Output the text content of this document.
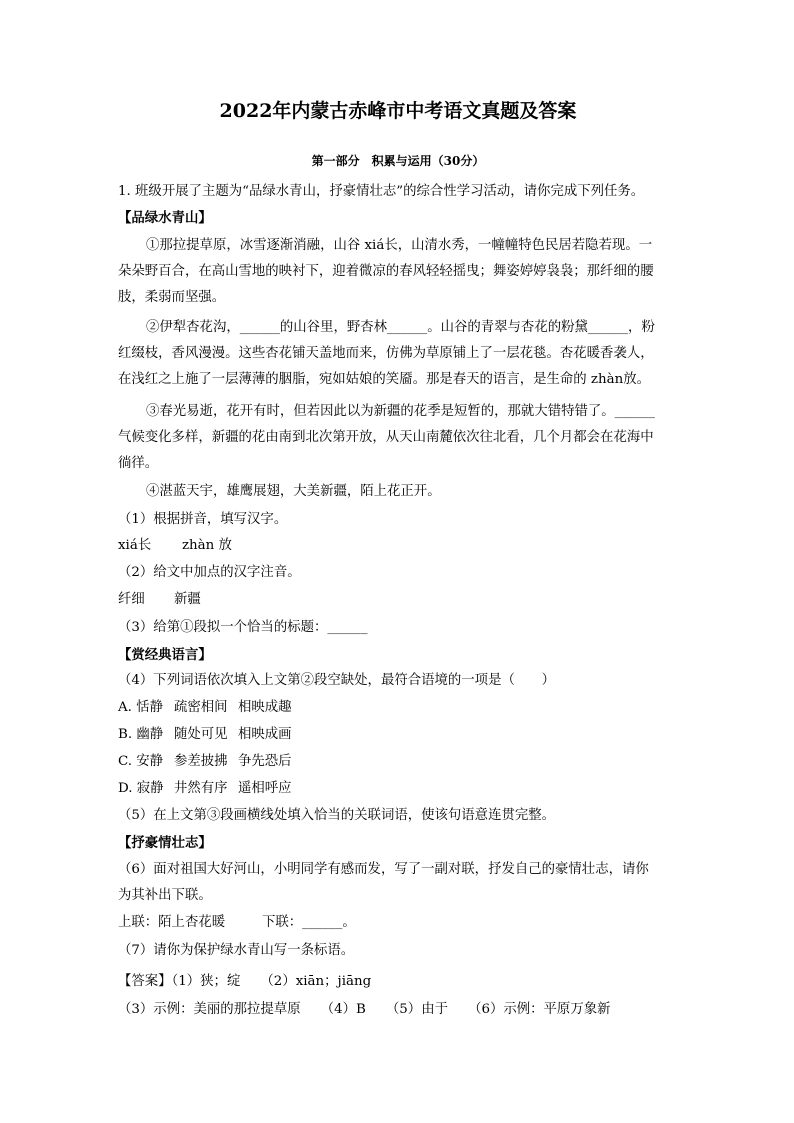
2022年内蒙古赤峰市中考语文真题及答案
第一部分　积累与运用（30分）
1. 班级开展了主题为“品绿水青山，抒豪情壮志”的综合性学习活动，请你完成下列任务。
【品绿水青山】
①那拉提草原，冰雪逐渐消融，山谷 xiá长，山清水秀，一幢幢特色民居若隐若现。一
朵朵野百合，在高山雪地的映衬下，迎着微凉的春风轻轻摇曳；舞姿婷婷袅袅；那纤细的腰
肢，柔弱而坚强。
②伊犁杏花沟，______的山谷里，野杏林______。山谷的青翠与杏花的粉黛______，粉
红缀枝，香风漫漫。这些杏花铺天盖地而来，仿佛为草原铺上了一层花毯。杏花暖香袭人，
在浅红之上施了一层薄薄的胭脂，宛如姑娘的笑靥。那是春天的语言，是生命的 zhàn放。
③春光易逝，花开有时，但若因此以为新疆的花季是短暂的，那就大错特错了。______
气候变化多样，新疆的花由南到北次第开放，从天山南麓依次往北看，几个月都会在花海中
徜徉。
④湛蓝天宇，雄鹰展翅，大美新疆，陌上花正开。
（1）根据拼音，填写汉字。
xiá长 zhàn 放
（2）给文中加点的汉字注音。
纤细 新疆
（3）给第①段拟一个恰当的标题：______
【赏经典语言】
（4）下列词语依次填入上文第②段空缺处，最符合语境的一项是（　　）
A. 恬静 疏密相间 相映成趣
B. 幽静 随处可见 相映成画
C. 安静 参差披拂 争先恐后
D. 寂静 井然有序 遥相呼应
（5）在上文第③段画横线处填入恰当的关联词语，使该句语意连贯完整。
【抒豪情壮志】
（6）面对祖国大好河山，小明同学有感而发，写了一副对联，抒发自己的豪情壮志，请你
为其补出下联。
上联：陌上杏花暖	下联：______。
（7）请你为保护绿水青山写一条标语。
【答案】（1）狭；绽　　（2）xiān；jiāng
（3）示例：美丽的那拉提草原　　（4）B　　（5）由于　　（6）示例：平原万象新
